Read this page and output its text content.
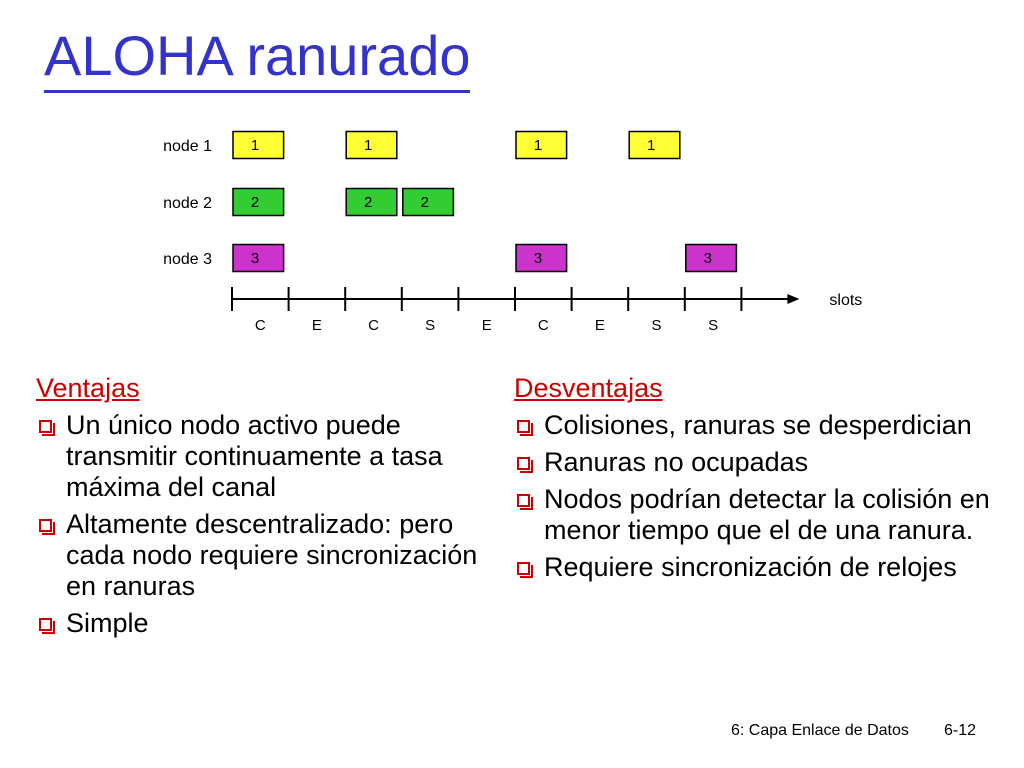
ALOHA ranurado
node 1	1	1	1	1
node 2	2	2	2
node 3	3	3	3
C	E	C	S	E	C	E	S	S
slots
Ventajas
Un único nodo activo puede transmitir continuamente a tasa máxima del canal
Altamente descentralizado: pero cada nodo requiere sincronización en ranuras
Simple
Desventajas
Colisiones, ranuras se desperdician
Ranuras no ocupadas
Nodos podrían detectar la colisión en menor tiempo que el de una ranura.
Requiere sincronización de relojes
6: Capa Enlace de Datos 6-12
